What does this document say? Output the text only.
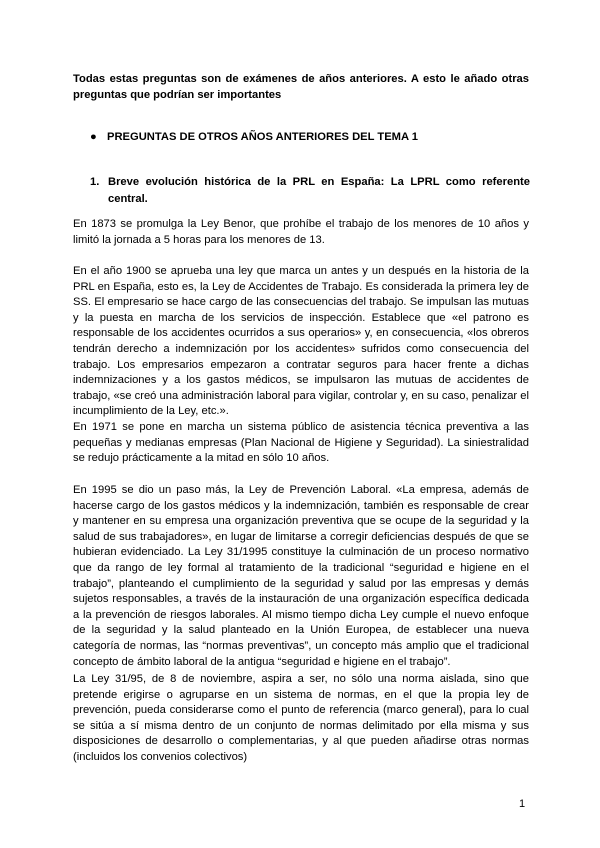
Todas estas preguntas son de exámenes de años anteriores. A esto le añado otras preguntas que podrían ser importantes

● PREGUNTAS DE OTROS AÑOS ANTERIORES DEL TEMA 1
1. Breve evolución histórica de la PRL en España: La LPRL como referente central.

En 1873 se promulga la Ley Benor, que prohíbe el trabajo de los menores de 10 años y limitó la jornada a 5 horas para los menores de 13.

En el año 1900 se aprueba una ley que marca un antes y un después en la historia de la PRL en España, esto es, la Ley de Accidentes de Trabajo. Es considerada la primera ley de SS. El empresario se hace cargo de las consecuencias del trabajo. Se impulsan las mutuas y la puesta en marcha de los servicios de inspección. Establece que «el patrono es responsable de los accidentes ocurridos a sus operarios» y, en consecuencia, «los obreros tendrán derecho a indemnización por los accidentes» sufridos como consecuencia del trabajo. Los empresarios empezaron a contratar seguros para hacer frente a dichas indemnizaciones y a los gastos médicos, se impulsaron las mutuas de accidentes de trabajo, «se creó una administración laboral para vigilar, controlar y, en su caso, penalizar el incumplimiento de la Ley, etc.».

En 1971 se pone en marcha un sistema público de asistencia técnica preventiva a las pequeñas y medianas empresas (Plan Nacional de Higiene y Seguridad). La siniestralidad se redujo prácticamente a la mitad en sólo 10 años.

En 1995 se dio un paso más, la Ley de Prevención Laboral. «La empresa, además de hacerse cargo de los gastos médicos y la indemnización, también es responsable de crear y mantener en su empresa una organización preventiva que se ocupe de la seguridad y la salud de sus trabajadores», en lugar de limitarse a corregir deficiencias después de que se hubieran evidenciado. La Ley 31/1995 constituye la culminación de un proceso normativo que da rango de ley formal al tratamiento de la tradicional “seguridad e higiene en el trabajo”, planteando el cumplimiento de la seguridad y salud por las empresas y demás sujetos responsables, a través de la instauración de una organización específica dedicada a la prevención de riesgos laborales. Al mismo tiempo dicha Ley cumple el nuevo enfoque de la seguridad y la salud planteado en la Unión Europea, de establecer una nueva categoría de normas, las “normas preventivas”, un concepto más amplio que el tradicional concepto de ámbito laboral de la antigua “seguridad e higiene en el trabajo”.

La Ley 31/95, de 8 de noviembre, aspira a ser, no sólo una norma aislada, sino que pretende erigirse o agruparse en un sistema de normas, en el que la propia ley de prevención, pueda considerarse como el punto de referencia (marco general), para lo cual se sitúa a sí misma dentro de un conjunto de normas delimitado por ella misma y sus disposiciones de desarrollo o complementarias, y al que pueden añadirse otras normas (incluidos los convenios colectivos)

1
